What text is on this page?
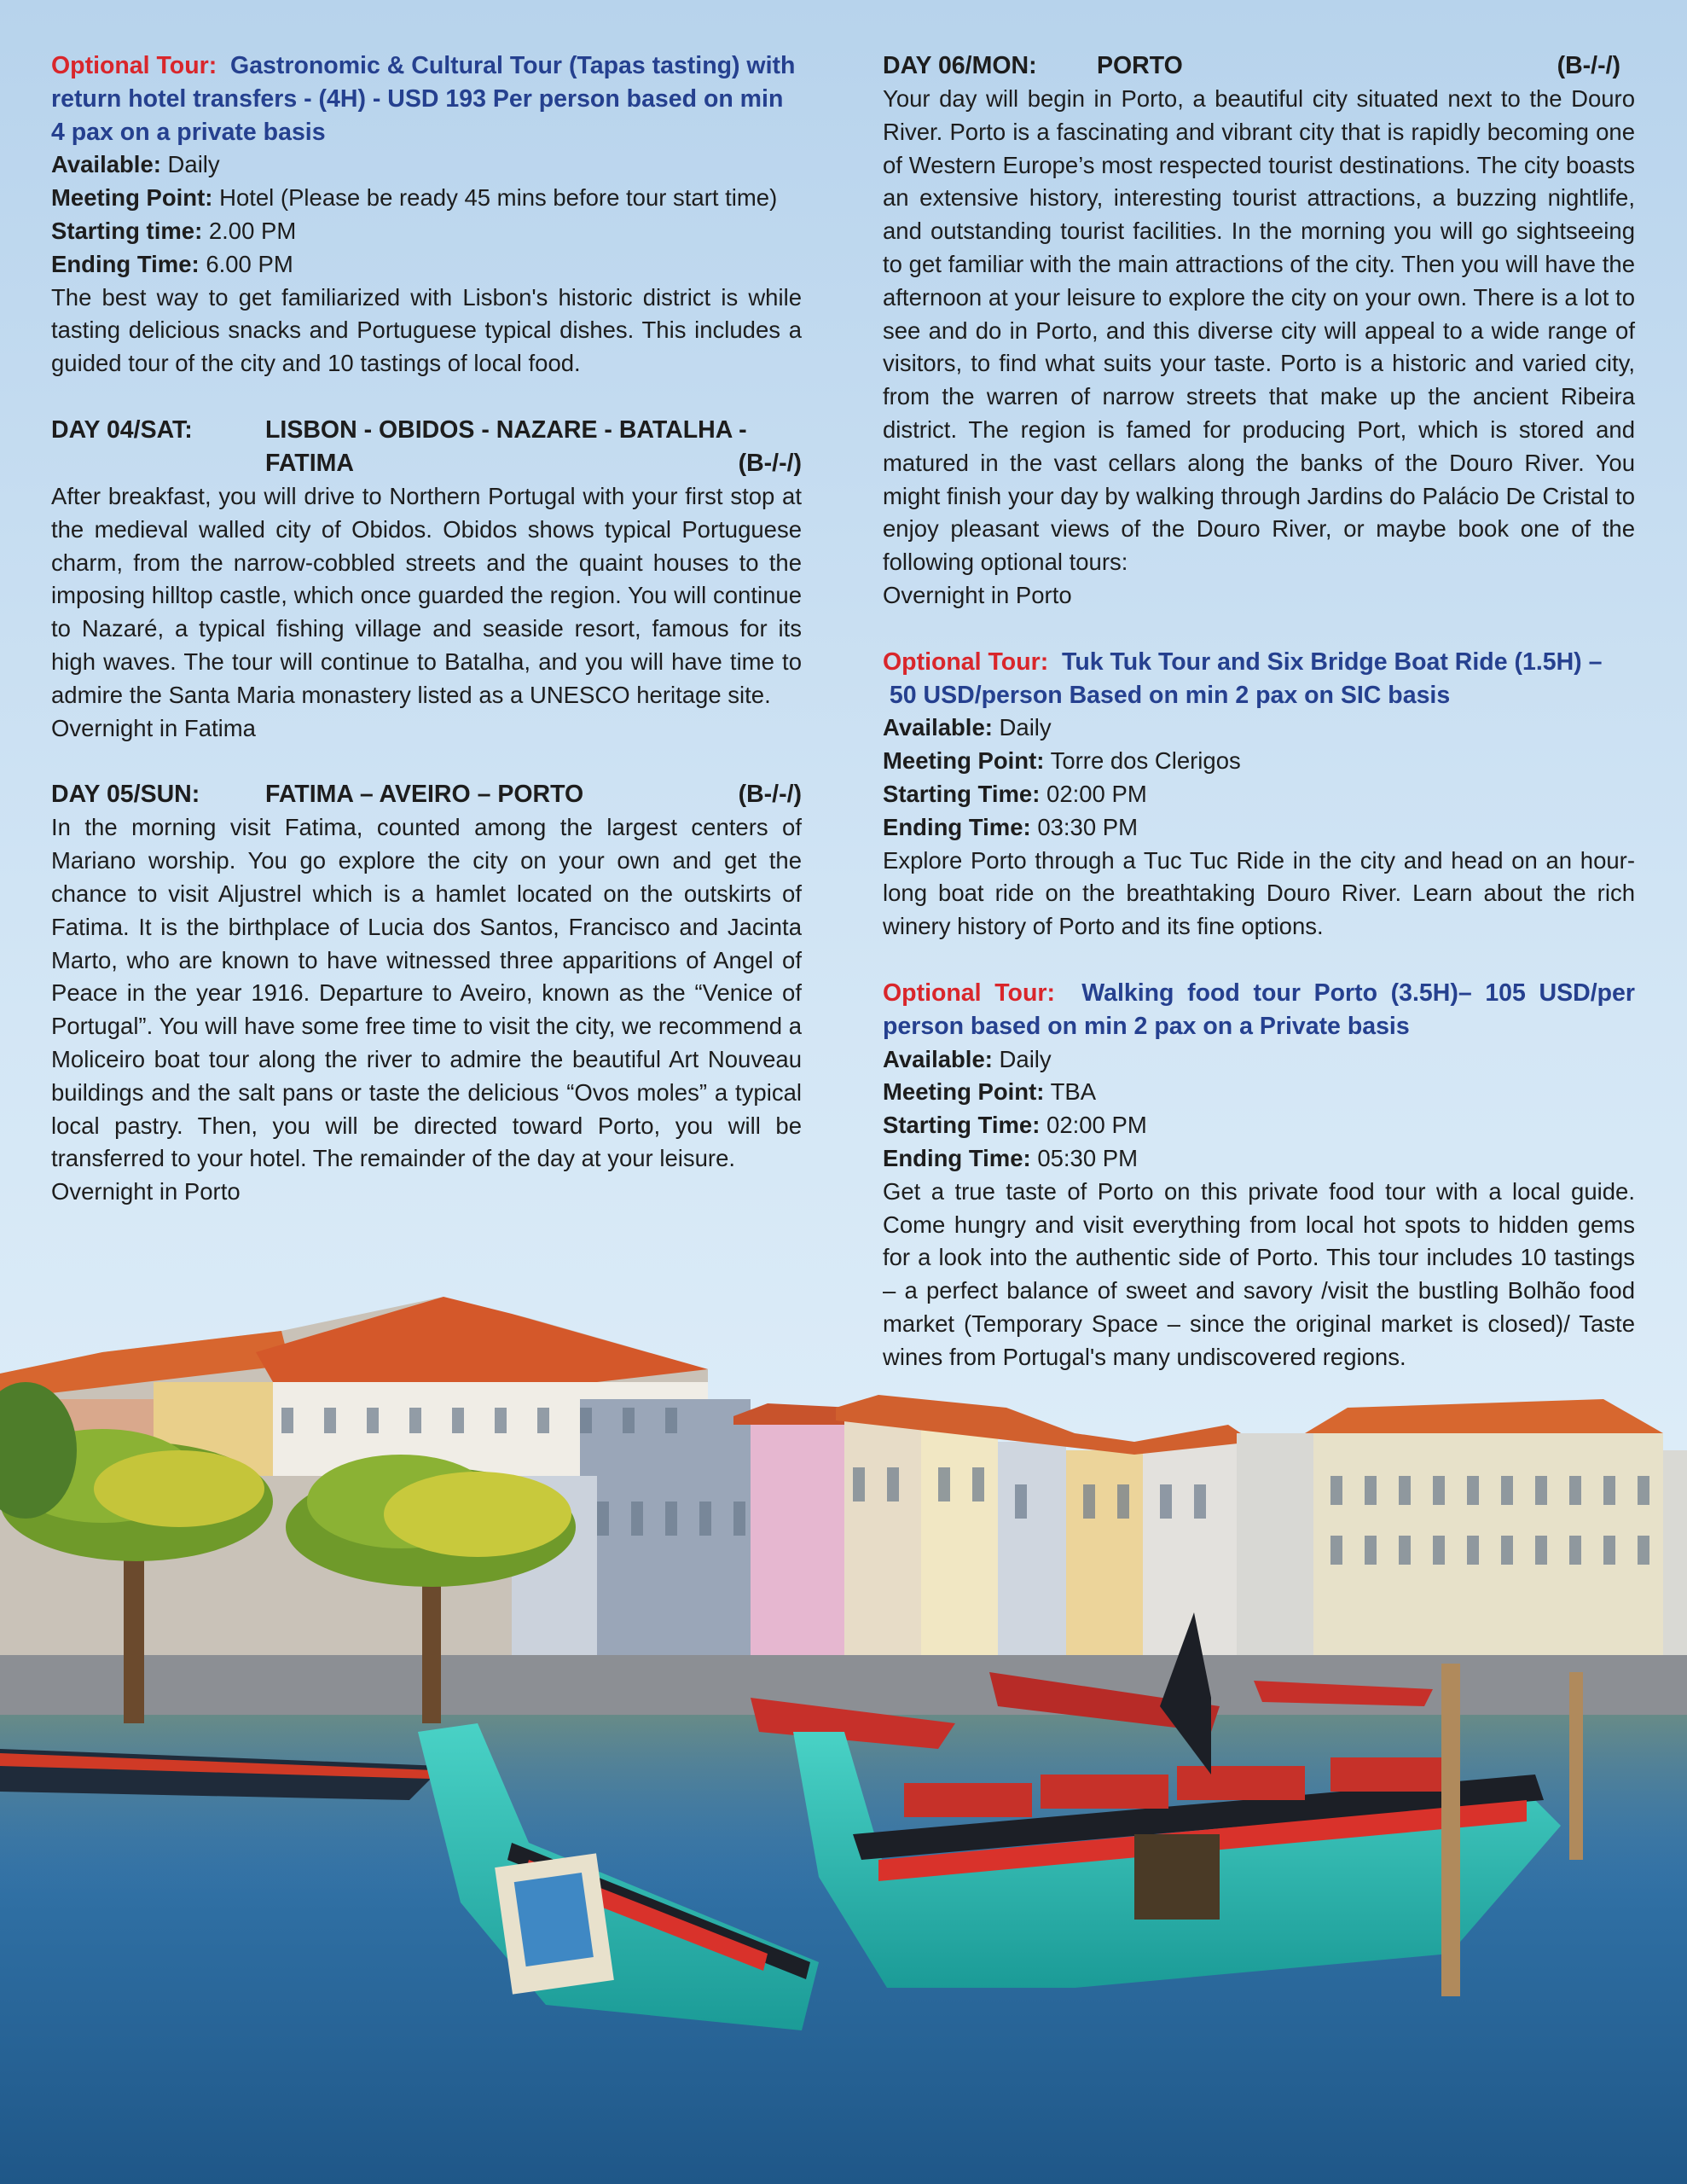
Optional Tour: Gastronomic & Cultural Tour (Tapas tasting) with return hotel transfers - (4H) - USD 193 Per person based on min 4 pax on a private basis

Available: Daily

Meeting Point: Hotel (Please be ready 45 mins before tour start time)

Starting time: 2.00 PM

Ending Time: 6.00 PM

The best way to get familiarized with Lisbon's historic district is while tasting delicious snacks and Portuguese typical dishes. This includes a guided tour of the city and 10 tastings of local food.

DAY 04/SAT:	LISBON - OBIDOS - NAZARE - BATALHA -
FATIMA	(B-/-/)

After breakfast, you will drive to Northern Portugal with your first stop at the medieval walled city of Obidos. Obidos shows typical Portuguese charm, from the narrow-cobbled streets and the quaint houses to the imposing hilltop castle, which once guarded the region. You will continue to Nazaré, a typical fishing village and seaside resort, famous for its high waves. The tour will continue to Batalha, and you will have time to admire the Santa Maria monastery listed as a UNESCO heritage site.

Overnight in Fatima

DAY 05/SUN:	FATIMA – AVEIRO – PORTO	(B-/-/)

In the morning visit Fatima, counted among the largest centers of Mariano worship. You go explore the city on your own and get the chance to visit Aljustrel which is a hamlet located on the outskirts of Fatima. It is the birthplace of Lucia dos Santos, Francisco and Jacinta Marto, who are known to have witnessed three apparitions of Angel of Peace in the year 1916. Departure to Aveiro, known as the “Venice of Portugal”. You will have some free time to visit the city, we recommend a Moliceiro boat tour along the river to admire the beautiful Art Nouveau buildings and the salt pans or taste the delicious “Ovos moles” a typical local pastry. Then, you will be directed toward Porto, you will be transferred to your hotel. The remainder of the day at your leisure.

Overnight in Porto

DAY 06/MON: PORTO	(B-/-/)

Your day will begin in Porto, a beautiful city situated next to the Douro River. Porto is a fascinating and vibrant city that is rapidly becoming one of Western Europe’s most respected tourist destinations. The city boasts an extensive history, interesting tourist attractions, a buzzing nightlife, and outstanding tourist facilities. In the morning you will go sightseeing to get familiar with the main attractions of the city. Then you will have the afternoon at your leisure to explore the city on your own. There is a lot to see and do in Porto, and this diverse city will appeal to a wide range of visitors, to find what suits your taste. Porto is a historic and varied city, from the warren of narrow streets that make up the ancient Ribeira district. The region is famed for producing Port, which is stored and matured in the vast cellars along the banks of the Douro River. You might finish your day by walking through Jardins do Palácio De Cristal to enjoy pleasant views of the Douro River, or maybe book one of the following optional tours:

Overnight in Porto

Optional Tour: Tuk Tuk Tour and Six Bridge Boat Ride (1.5H) –
50 USD/person Based on min 2 pax on SIC basis

Available: Daily

Meeting Point: Torre dos Clerigos

Starting Time: 02:00 PM

Ending Time: 03:30 PM

Explore Porto through a Tuc Tuc Ride in the city and head on an hour-long boat ride on the breathtaking Douro River. Learn about the rich winery history of Porto and its fine options.

Optional Tour: Walking food tour Porto (3.5H)– 105 USD/per person based on min 2 pax on a Private basis

Available: Daily

Meeting Point: TBA

Starting Time: 02:00 PM

Ending Time: 05:30 PM

Get a true taste of Porto on this private food tour with a local guide. Come hungry and visit everything from local hot spots to hidden gems for a look into the authentic side of Porto. This tour includes 10 tastings – a perfect balance of sweet and savory /visit the bustling Bolhão food market (Temporary Space – since the original market is closed)/ Taste wines from Portugal's many undiscovered regions.
